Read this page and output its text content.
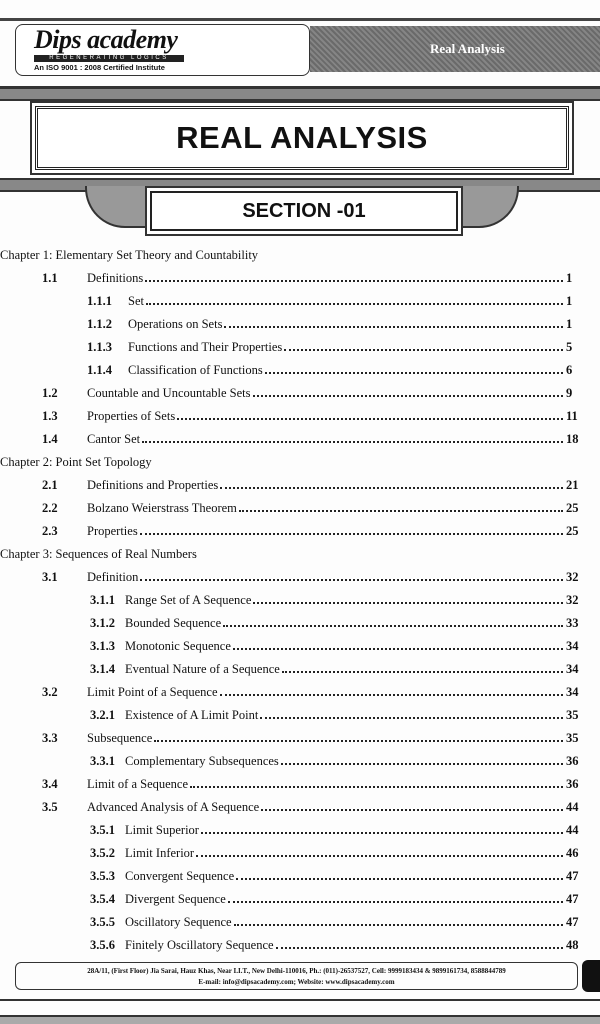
Dips academy
REGENERATING LOGICS
An ISO 9001 : 2008 Certified Institute
Real Analysis
REAL ANALYSIS
SECTION -01
Chapter 1: Elementary Set Theory and Countability
1.1 Definitions	1
1.1.1 Set	1
1.1.2 Operations on Sets	1
1.1.3 Functions and Their Properties	5
1.1.4 Classification of Functions	6
1.2 Countable and Uncountable Sets	9
1.3 Properties of Sets	11
1.4 Cantor Set	18
Chapter 2: Point Set Topology
2.1 Definitions and Properties	21
2.2 Bolzano Weierstrass Theorem	25
2.3 Properties	25
Chapter 3: Sequences of Real Numbers
3.1 Definition	32
3.1.1 Range Set of A Sequence	32
3.1.2 Bounded Sequence	33
3.1.3 Monotonic Sequence	34
3.1.4 Eventual Nature of a Sequence	34
3.2 Limit Point of a Sequence	34
3.2.1 Existence of A Limit Point	35
3.3 Subsequence	35
3.3.1 Complementary Subsequences	36
3.4 Limit of a Sequence	36
3.5 Advanced Analysis of A Sequence	44
3.5.1 Limit Superior	44
3.5.2 Limit Inferior	46
3.5.3 Convergent Sequence	47
3.5.4 Divergent Sequence	47
3.5.5 Oscillatory Sequence	47
3.5.6 Finitely Oscillatory Sequence	48
28A/11, (First Floor) Jia Sarai, Hauz Khas, Near I.I.T., New Delhi-110016, Ph.: (011)-26537527, Cell: 9999183434 & 9899161734, 8588844789
E-mail: info@dipsacademy.com; Website: www.dipsacademy.com
